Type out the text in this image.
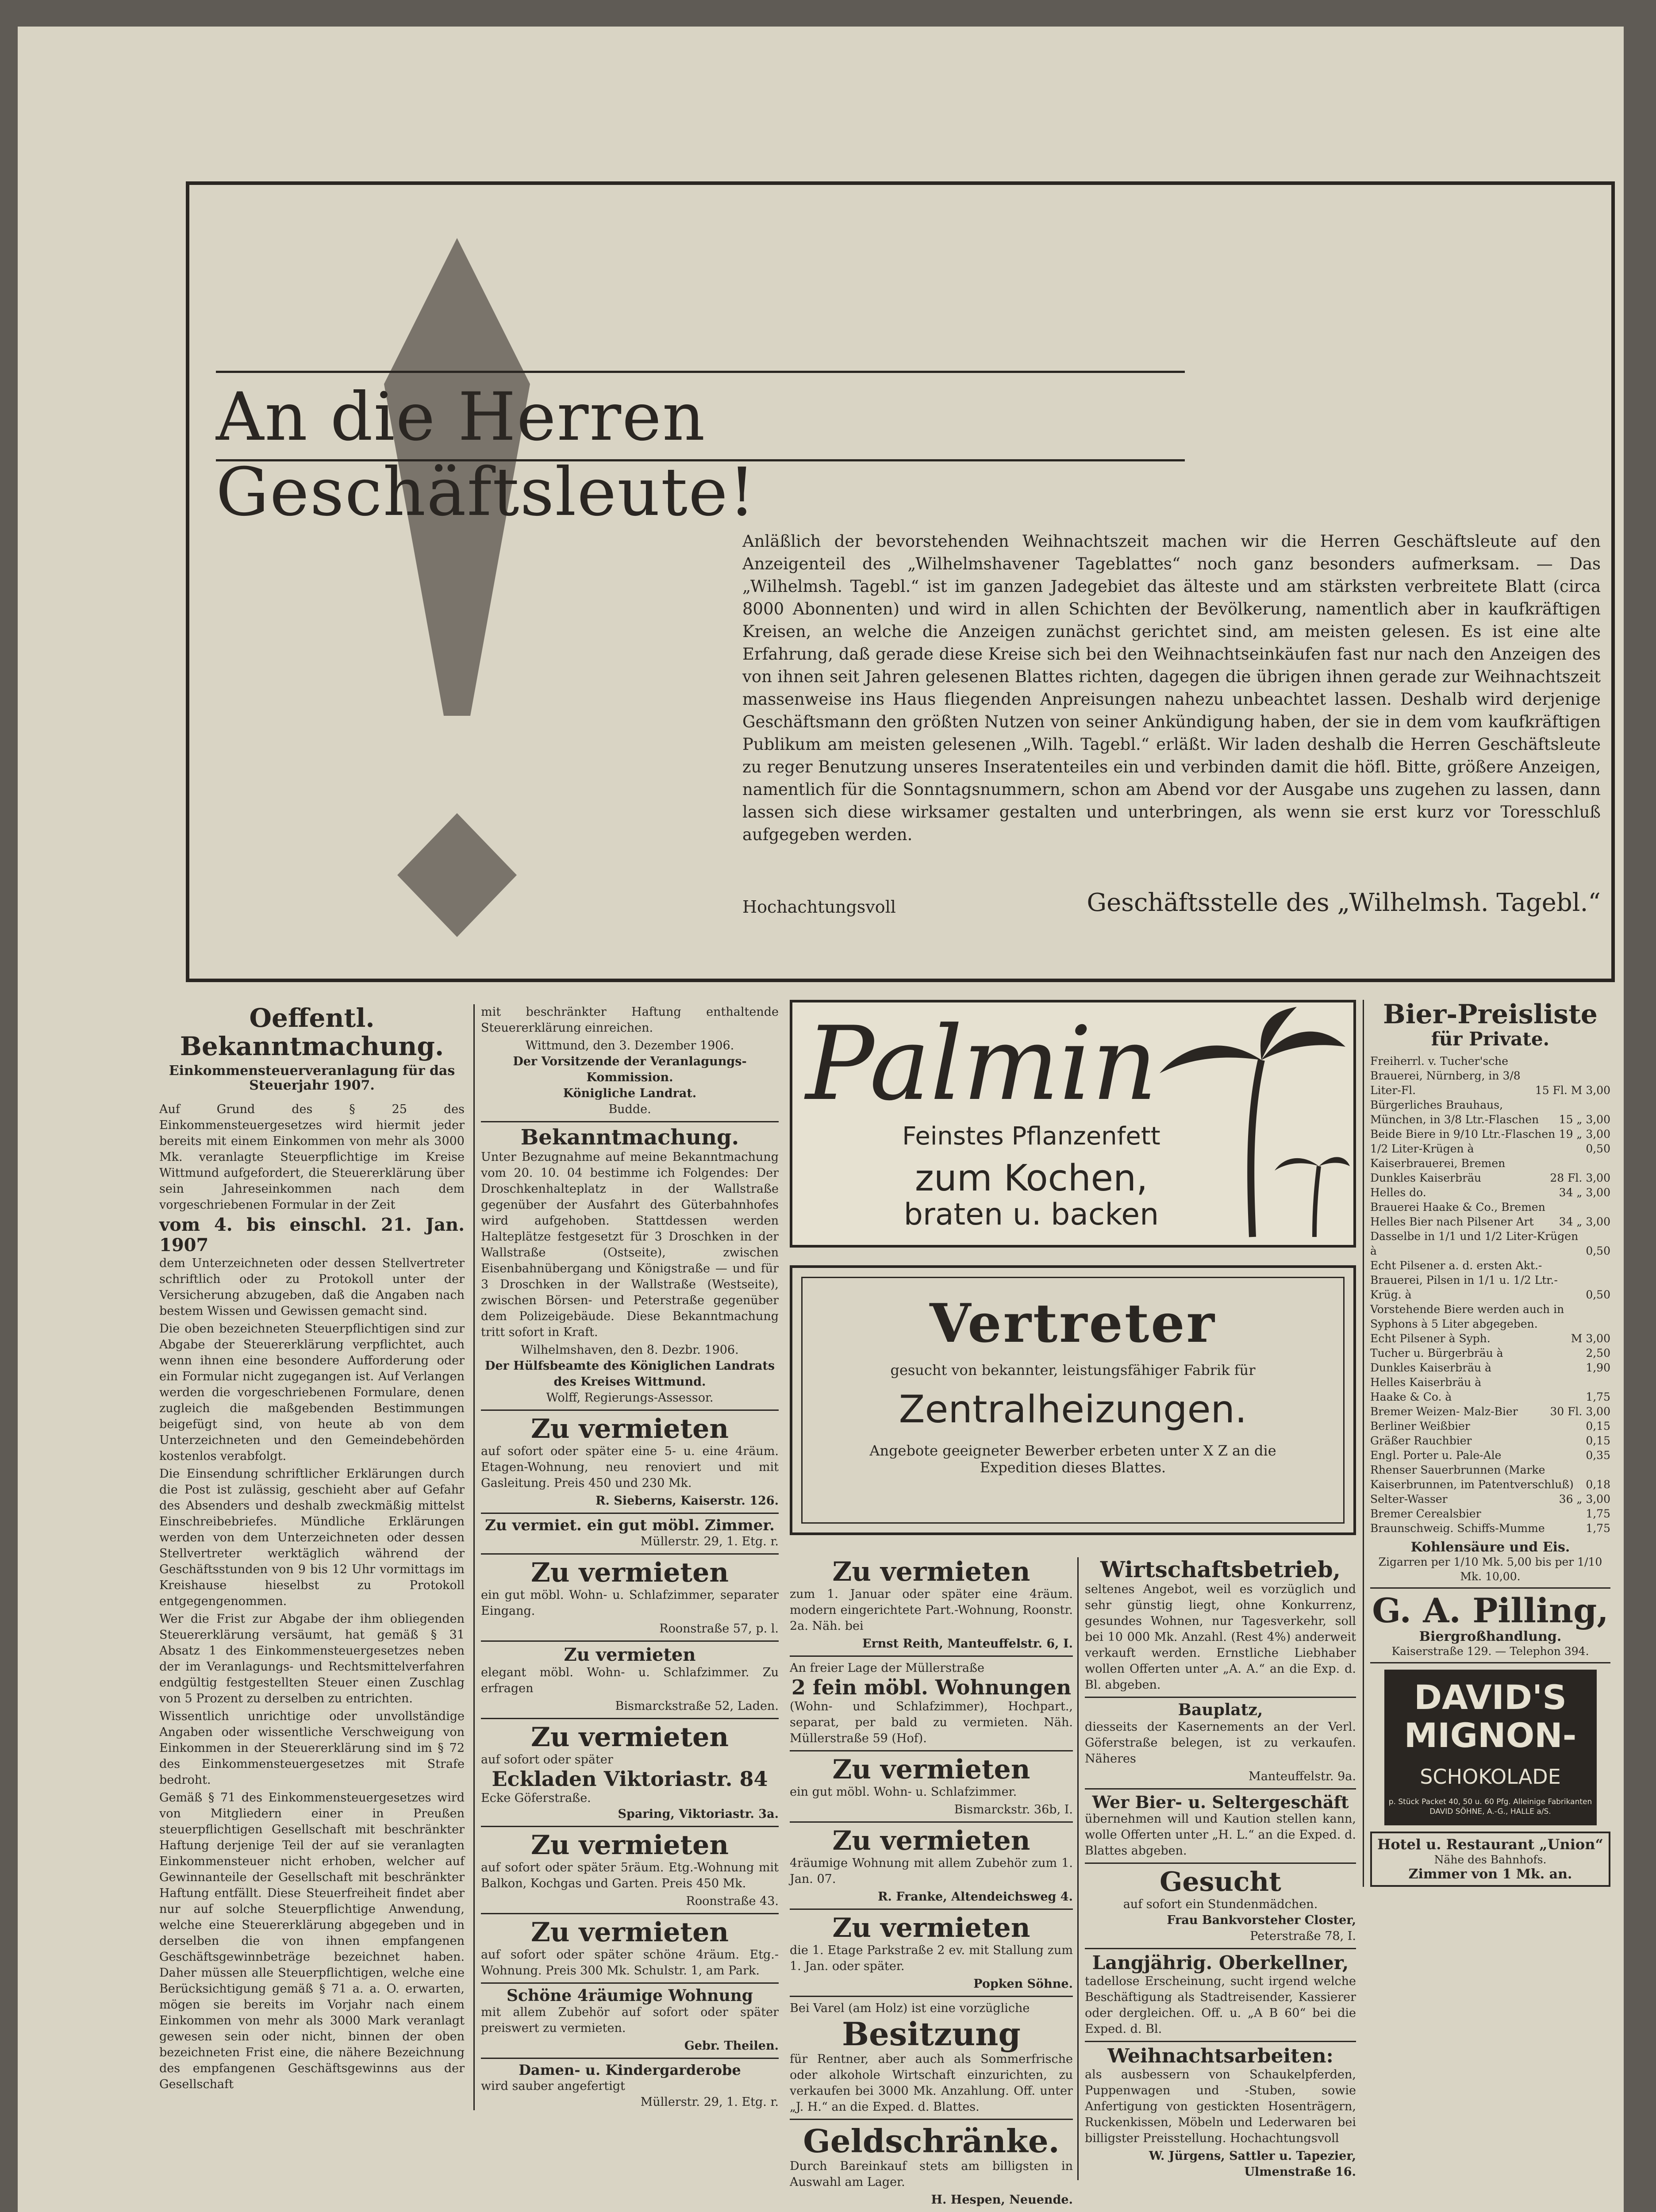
An die Herren Geschäftsleute!
Anläßlich der bevorstehenden Weihnachtszeit machen wir die Herren Geschäftsleute auf den Anzeigenteil des „Wilhelmshavener Tageblattes“ noch ganz besonders aufmerksam. — Das „Wilhelmsh. Tagebl.“ ist im ganzen Jadegebiet das älteste und am stärksten verbreitete Blatt (circa 8000 Abonnenten) und wird in allen Schichten der Bevölkerung, namentlich aber in kaufkräftigen Kreisen, an welche die Anzeigen zunächst gerichtet sind, am meisten gelesen. Es ist eine alte Erfahrung, daß gerade diese Kreise sich bei den Weihnachtseinkäufen fast nur nach den Anzeigen des von ihnen seit Jahren gelesenen Blattes richten, dagegen die übrigen ihnen gerade zur Weihnachtszeit massenweise ins Haus fliegenden Anpreisungen nahezu unbeachtet lassen. Deshalb wird derjenige Geschäftsmann den größten Nutzen von seiner Ankündigung haben, der sie in dem vom kaufkräftigen Publikum am meisten gelesenen „Wilh. Tagebl.“ erläßt. Wir laden deshalb die Herren Geschäftsleute zu reger Benutzung unseres Inseratenteiles ein und verbinden damit die höfl. Bitte, größere Anzeigen, namentlich für die Sonntagsnummern, schon am Abend vor der Ausgabe uns zugehen zu lassen, dann lassen sich diese wirksamer gestalten und unterbringen, als wenn sie erst kurz vor Toresschluß aufgegeben werden.
Hochachtungsvoll	Geschäftsstelle des „Wilhelmsh. Tagebl.“
Oeffentl. Bekanntmachung.
Einkommensteuerveranlagung für das Steuerjahr 1907.

Auf Grund des § 25 des Einkommensteuergesetzes wird hiermit jeder bereits mit einem Einkommen von mehr als 3000 Mk. veranlagte Steuerpflichtige im Kreise Wittmund aufgefordert, die Steuererklärung über sein Jahreseinkommen nach dem vorgeschriebenen Formular in der Zeit

vom 4. bis einschl. 21. Jan. 1907

dem Unterzeichneten oder dessen Stellvertreter schriftlich oder zu Protokoll unter der Versicherung abzugeben, daß die Angaben nach bestem Wissen und Gewissen gemacht sind.

Die oben bezeichneten Steuerpflichtigen sind zur Abgabe der Steuererklärung verpflichtet, auch wenn ihnen eine besondere Aufforderung oder ein Formular nicht zugegangen ist. Auf Verlangen werden die vorgeschriebenen Formulare, denen zugleich die maßgebenden Bestimmungen beigefügt sind, von heute ab von dem Unterzeichneten und den Gemeindebehörden kostenlos verabfolgt.

Die Einsendung schriftlicher Erklärungen durch die Post ist zulässig, geschieht aber auf Gefahr des Absenders und deshalb zweckmäßig mittelst Einschreibebriefes. Mündliche Erklärungen werden von dem Unterzeichneten oder dessen Stellvertreter werktäglich während der Geschäftsstunden von 9 bis 12 Uhr vormittags im Kreishause hieselbst zu Protokoll entgegengenommen.

Wer die Frist zur Abgabe der ihm obliegenden Steuererklärung versäumt, hat gemäß § 31 Absatz 1 des Einkommensteuergesetzes neben der im Veranlagungs- und Rechtsmittelverfahren endgültig festgestellten Steuer einen Zuschlag von 5 Prozent zu derselben zu entrichten.

Wissentlich unrichtige oder unvollständige Angaben oder wissentliche Verschweigung von Einkommen in der Steuererklärung sind im § 72 des Einkommensteuergesetzes mit Strafe bedroht.

Gemäß § 71 des Einkommensteuergesetzes wird von Mitgliedern einer in Preußen steuerpflichtigen Gesellschaft mit beschränkter Haftung derjenige Teil der auf sie veranlagten Einkommensteuer nicht erhoben, welcher auf Gewinnanteile der Gesellschaft mit beschränkter Haftung entfällt. Diese Steuerfreiheit findet aber nur auf solche Steuerpflichtige Anwendung, welche eine Steuererklärung abgegeben und in derselben die von ihnen empfangenen Geschäftsgewinnbeträge bezeichnet haben. Daher müssen alle Steuerpflichtigen, welche eine Berücksichtigung gemäß § 71 a. a. O. erwarten, mögen sie bereits im Vorjahr nach einem Einkommen von mehr als 3000 Mark veranlagt gewesen sein oder nicht, binnen der oben bezeichneten Frist eine, die nähere Bezeichnung des empfangenen Geschäftsgewinns aus der Gesellschaft

mit beschränkter Haftung enthaltende Steuererklärung einreichen.

Wittmund, den 3. Dezember 1906.
Der Vorsitzende der Veranlagungs-Kommission.
Königliche Landrat.
Budde.
Bekanntmachung.

Unter Bezugnahme auf meine Bekanntmachung vom 20. 10. 04 bestimme ich Folgendes: Der Droschkenhalteplatz in der Wallstraße gegenüber der Ausfahrt des Güterbahnhofes wird aufgehoben. Stattdessen werden Halteplätze festgesetzt für 3 Droschken in der Wallstraße (Ostseite), zwischen Eisenbahnübergang und Königstraße — und für 3 Droschken in der Wallstraße (Westseite), zwischen Börsen- und Peterstraße gegenüber dem Polizeigebäude. Diese Bekanntmachung tritt sofort in Kraft.

Wilhelmshaven, den 8. Dezbr. 1906.
Der Hülfsbeamte des Königlichen Landrats des Kreises Wittmund.
Wolff, Regierungs-Assessor.
Zu vermieten

auf sofort oder später eine 5- u. eine 4räum. Etagen-Wohnung, neu renoviert und mit Gasleitung. Preis 450 und 230 Mk.

R. Sieberns, Kaiserstr. 126.
Zu vermiet. ein gut möbl. Zimmer.
Müllerstr. 29, 1. Etg. r.
Zu vermieten

ein gut möbl. Wohn- u. Schlafzimmer, separater Eingang.

Roonstraße 57, p. l.
Zu vermieten

elegant möbl. Wohn- u. Schlafzimmer. Zu erfragen

Bismarckstraße 52, Laden.
Zu vermieten
auf sofort oder später
Eckladen Viktoriastr. 84
Ecke Göferstraße.
Sparing, Viktoriastr. 3a.
Zu vermieten

auf sofort oder später 5räum. Etg.-Wohnung mit Balkon, Kochgas und Garten. Preis 450 Mk.

Roonstraße 43.
Zu vermieten

auf sofort oder später schöne 4räum. Etg.-Wohnung. Preis 300 Mk. Schulstr. 1, am Park.

Schöne 4räumige Wohnung

mit allem Zubehör auf sofort oder später preiswert zu vermieten.

Gebr. Theilen.
Damen- u. Kindergarderobe
wird sauber angefertigt
Müllerstr. 29, 1. Etg. r.
Palmin
Feinstes Pflanzenfett
zum Kochen,
braten u. backen
Vertreter
gesucht von bekannter, leistungsfähiger Fabrik für
Zentralheizungen.
Angebote geeigneter Bewerber erbeten unter X Z an die Expedition dieses Blattes.
Zu vermieten

zum 1. Januar oder später eine 4räum. modern eingerichtete Part.-Wohnung, Roonstr. 2a. Näh. bei

Ernst Reith, Manteuffelstr. 6, I.
An freier Lage der Müllerstraße
2 fein möbl. Wohnungen

(Wohn- und Schlafzimmer), Hochpart., separat, per bald zu vermieten. Näh. Müllerstraße 59 (Hof).

Zu vermieten

ein gut möbl. Wohn- u. Schlafzimmer.

Bismarckstr. 36b, I.
Zu vermieten

4räumige Wohnung mit allem Zubehör zum 1. Jan. 07.

R. Franke, Altendeichsweg 4.
Zu vermieten

die 1. Etage Parkstraße 2 ev. mit Stallung zum 1. Jan. oder später.

Popken Söhne.
Bei Varel (am Holz) ist eine vorzügliche
Besitzung

für Rentner, aber auch als Sommerfrische oder alkohole Wirtschaft einzurichten, zu verkaufen bei 3000 Mk. Anzahlung. Off. unter „J. H.“ an die Exped. d. Blattes.

Geldschränke.

Durch Bareinkauf stets am billigsten in Auswahl am Lager.

H. Hespen, Neuende.
Wirtschaftsbetrieb,

seltenes Angebot, weil es vorzüglich und sehr günstig liegt, ohne Konkurrenz, gesundes Wohnen, nur Tagesverkehr, soll bei 10 000 Mk. Anzahl. (Rest 4%) anderweit verkauft werden. Ernstliche Liebhaber wollen Offerten unter „A. A.“ an die Exp. d. Bl. abgeben.

Bauplatz,

diesseits der Kasernements an der Verl. Göferstraße belegen, ist zu verkaufen. Näheres

Manteuffelstr. 9a.
Wer Bier- u. Seltergeschäft

übernehmen will und Kaution stellen kann, wolle Offerten unter „H. L.“ an die Exped. d. Blattes abgeben.

Gesucht
auf sofort ein Stundenmädchen.
Frau Bankvorsteher Closter,
Peterstraße 78, I.
Langjährig. Oberkellner,

tadellose Erscheinung, sucht irgend welche Beschäftigung als Stadtreisender, Kassierer oder dergleichen. Off. u. „A B 60“ bei die Exped. d. Bl.

Weihnachtsarbeiten:

als ausbessern von Schaukelpferden, Puppenwagen und -Stuben, sowie Anfertigung von gestickten Hosenträgern, Ruckenkissen, Möbeln und Lederwaren bei billigster Preisstellung. Hochachtungsvoll

W. Jürgens, Sattler u. Tapezier,
Ulmenstraße 16.
Bier-Preisliste
für Private.
Freiherrl. v. Tucher'sche Brauerei, Nürnberg, in 3/8 Liter-Fl.	15 Fl. M 3,00
Bürgerliches Brauhaus, München, in 3/8 Ltr.-Flaschen	15 „ 3,00
Beide Biere in 9/10 Ltr.-Flaschen 19 „ 3,00
1/2 Liter-Krügen à	0,50
Kaiserbrauerei, Bremen Dunkles Kaiserbräu	28 Fl. 3,00
Helles do.	34 „ 3,00
Brauerei Haake & Co., Bremen Helles Bier nach Pilsener Art	34 „ 3,00
Dasselbe in 1/1 und 1/2 Liter-Krügen à	0,50
Echt Pilsener a. d. ersten Akt.-Brauerei, Pilsen in 1/1 u. 1/2 Ltr.-Krüg. à	0,50
Vorstehende Biere werden auch in Syphons à 5 Liter abgegeben.
Echt Pilsener à Syph.	M 3,00
Tucher u. Bürgerbräu à	2,50
Dunkles Kaiserbräu à	1,90
Helles Kaiserbräu à
Haake & Co. à	1,75
Bremer Weizen- Malz-Bier	30 Fl. 3,00
Berliner Weißbier	0,15
Gräßer Rauchbier	0,15
Engl. Porter u. Pale-Ale	0,35
Rhenser Sauerbrunnen (Marke Kaiserbrunnen, im Patentverschluß)	0,18
Selter-Wasser	36 „ 3,00
Bremer Cerealsbier	1,75
Braunschweig. Schiffs-Mumme	1,75
Kohlensäure und Eis.
Zigarren per 1/10 Mk. 5,00 bis per 1/10 Mk. 10,00.
G. A. Pilling,
Biergroßhandlung.
Kaiserstraße 129. — Telephon 394.
DAVID'S
MIGNON-
SCHOKOLADE
p. Stück Packet 40, 50 u. 60 Pfg. Alleinige Fabrikanten DAVID SÖHNE, A.-G., HALLE a/S.
Hotel u. Restaurant „Union“
Nähe des Bahnhofs.
Zimmer von 1 Mk. an.
